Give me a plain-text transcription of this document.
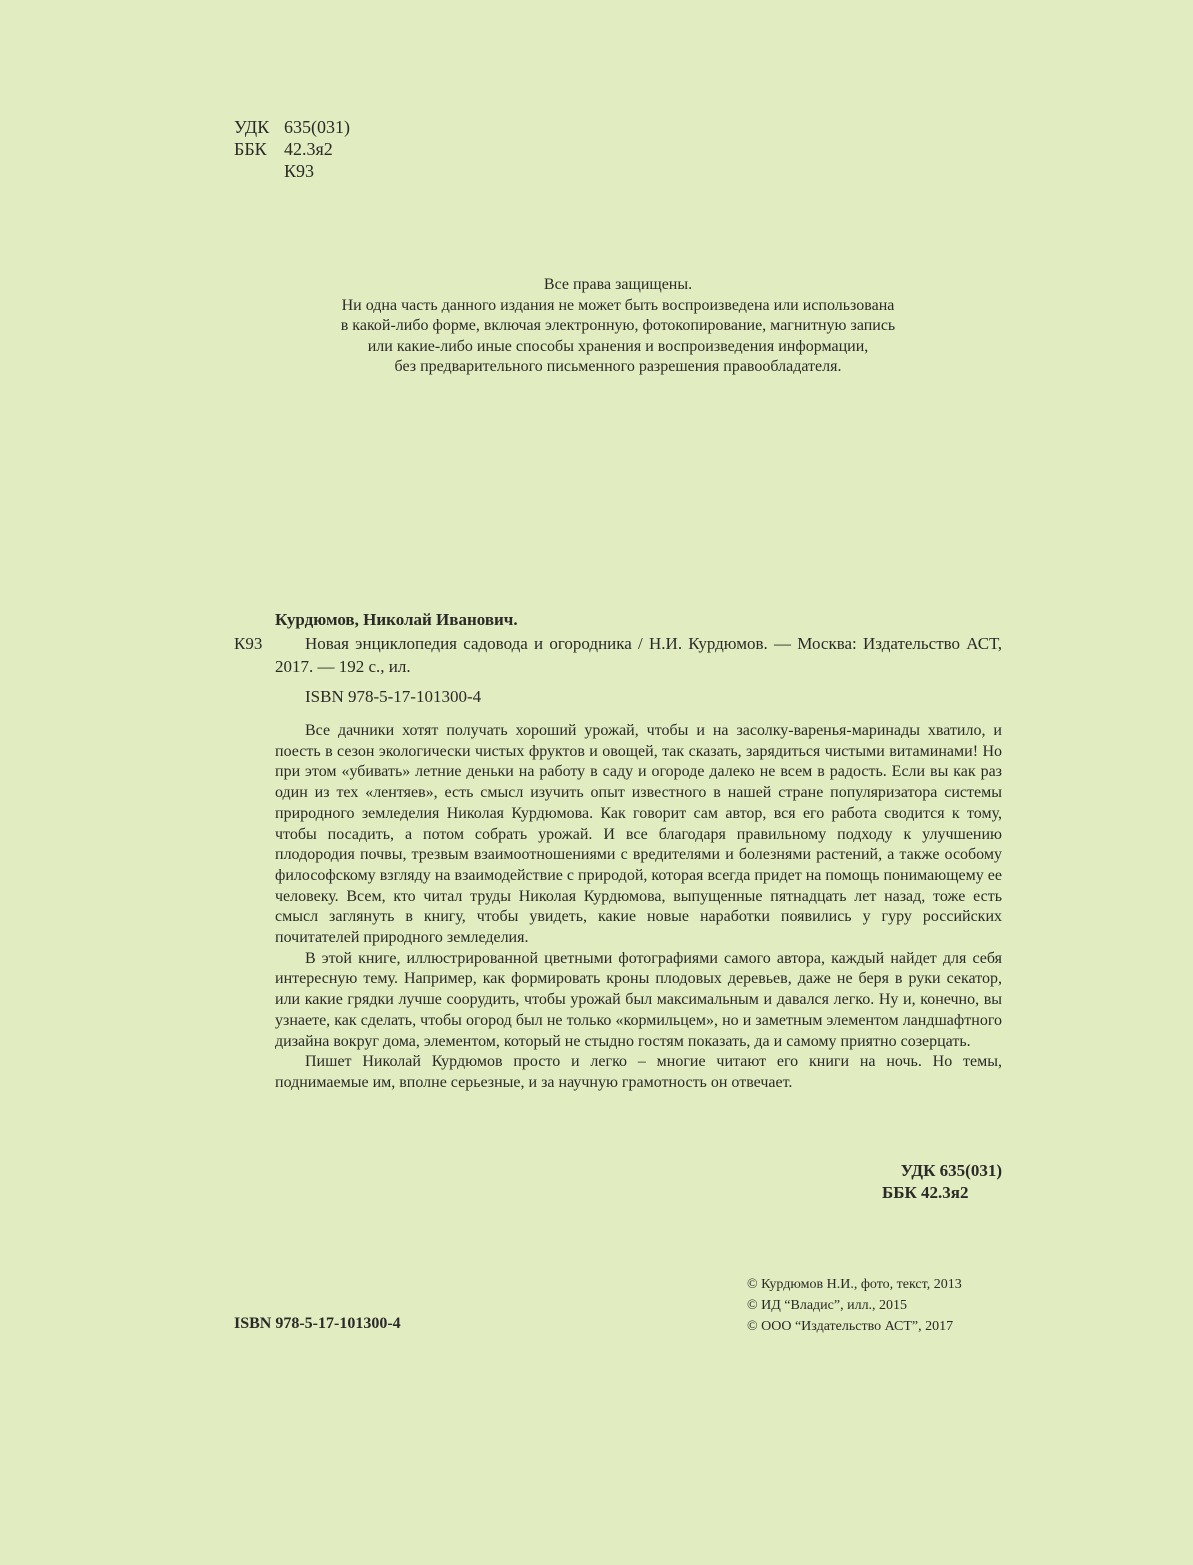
УДК 635(031)
ББК 42.3я2
К93
Все права защищены.
Ни одна часть данного издания не может быть воспроизведена или использована
в какой-либо форме, включая электронную, фотокопирование, магнитную запись
или какие-либо иные способы хранения и воспроизведения информации,
без предварительного письменного разрешения правообладателя.
Курдюмов, Николай Иванович.
К93	Новая энциклопедия садовода и огородника / Н.И. Курдюмов. — Москва: Издательство АСТ, 2017. — 192 с., ил.
ISBN 978-5-17-101300-4

Все дачники хотят получать хороший урожай, чтобы и на засолку-варенья-маринады хватило, и поесть в сезон экологически чистых фруктов и овощей, так сказать, зарядиться чистыми витаминами! Но при этом «убивать» летние деньки на работу в саду и огороде далеко не всем в радость. Если вы как раз один из тех «лентяев», есть смысл изучить опыт известного в нашей стране популяризатора системы природного земледелия Николая Курдюмова. Как говорит сам автор, вся его работа сводится к тому, чтобы посадить, а потом собрать урожай. И все благодаря правильному подходу к улучшению плодородия почвы, трезвым взаимоотношениями с вредителями и болезнями растений, а также особому философскому взгляду на взаимодействие с природой, которая всегда придет на помощь понимающему ее человеку. Всем, кто читал труды Николая Курдюмова, выпущенные пятнадцать лет назад, тоже есть смысл заглянуть в книгу, чтобы увидеть, какие новые наработки появились у гуру российских почитателей природного земледелия.

В этой книге, иллюстрированной цветными фотографиями самого автора, каждый найдет для себя интересную тему. Например, как формировать кроны плодовых деревьев, даже не беря в руки секатор, или какие грядки лучше соорудить, чтобы урожай был максимальным и давался легко. Ну и, конечно, вы узнаете, как сделать, чтобы огород был не только «кормильцем», но и заметным элементом ландшафтного дизайна вокруг дома, элементом, который не стыдно гостям показать, да и самому приятно созерцать.

Пишет Николай Курдюмов просто и легко – многие читают его книги на ночь. Но темы, поднимаемые им, вполне серьезные, и за научную грамотность он отвечает.

УДК 635(031)
ББК 42.3я2
ISBN 978-5-17-101300-4
© Курдюмов Н.И., фото, текст, 2013
© ИД “Владис”, илл., 2015
© ООО “Издательство АСТ”, 2017
